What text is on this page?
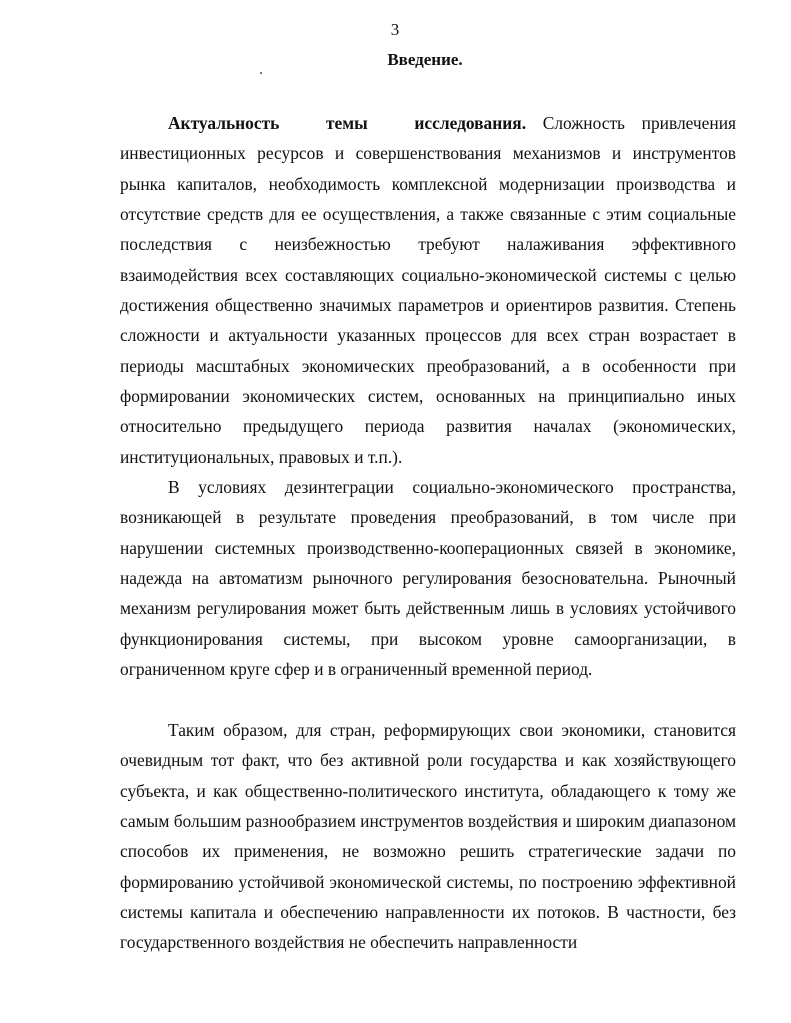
3
Введение.

Актуальность темы исследования. Сложность привлечения инвестиционных ресурсов и совершенствования механизмов и инструментов рынка капиталов, необходимость комплексной модернизации производства и отсутствие средств для ее осуществления, а также связанные с этим социальные последствия с неизбежностью требуют налаживания эффективного взаимодействия всех составляющих социально-экономической системы с целью достижения общественно значимых параметров и ориентиров развития. Степень сложности и актуальности указанных процессов для всех стран возрастает в периоды масштабных экономических преобразований, а в особенности при формировании экономических систем, основанных на принципиально иных относительно предыдущего периода развития началах (экономических, институциональных, правовых и т.п.).

В условиях дезинтеграции социально-экономического пространства, возникающей в результате проведения преобразований, в том числе при нарушении системных производственно-кооперационных связей в экономике, надежда на автоматизм рыночного регулирования безосновательна. Рыночный механизм регулирования может быть действенным лишь в условиях устойчивого функционирования системы, при высоком уровне самоорганизации, в ограниченном круге сфер и в ограниченный временной период.

Таким образом, для стран, реформирующих свои экономики, становится очевидным тот факт, что без активной роли государства и как хозяйствующего субъекта, и как общественно-политического института, обладающего к тому же самым большим разнообразием инструментов воздействия и широким диапазоном способов их применения, не возможно решить стратегические задачи по формированию устойчивой экономической системы, по построению эффективной системы капитала и обеспечению направленности их потоков. В частности, без государственного воздействия не обеспечить направленности
